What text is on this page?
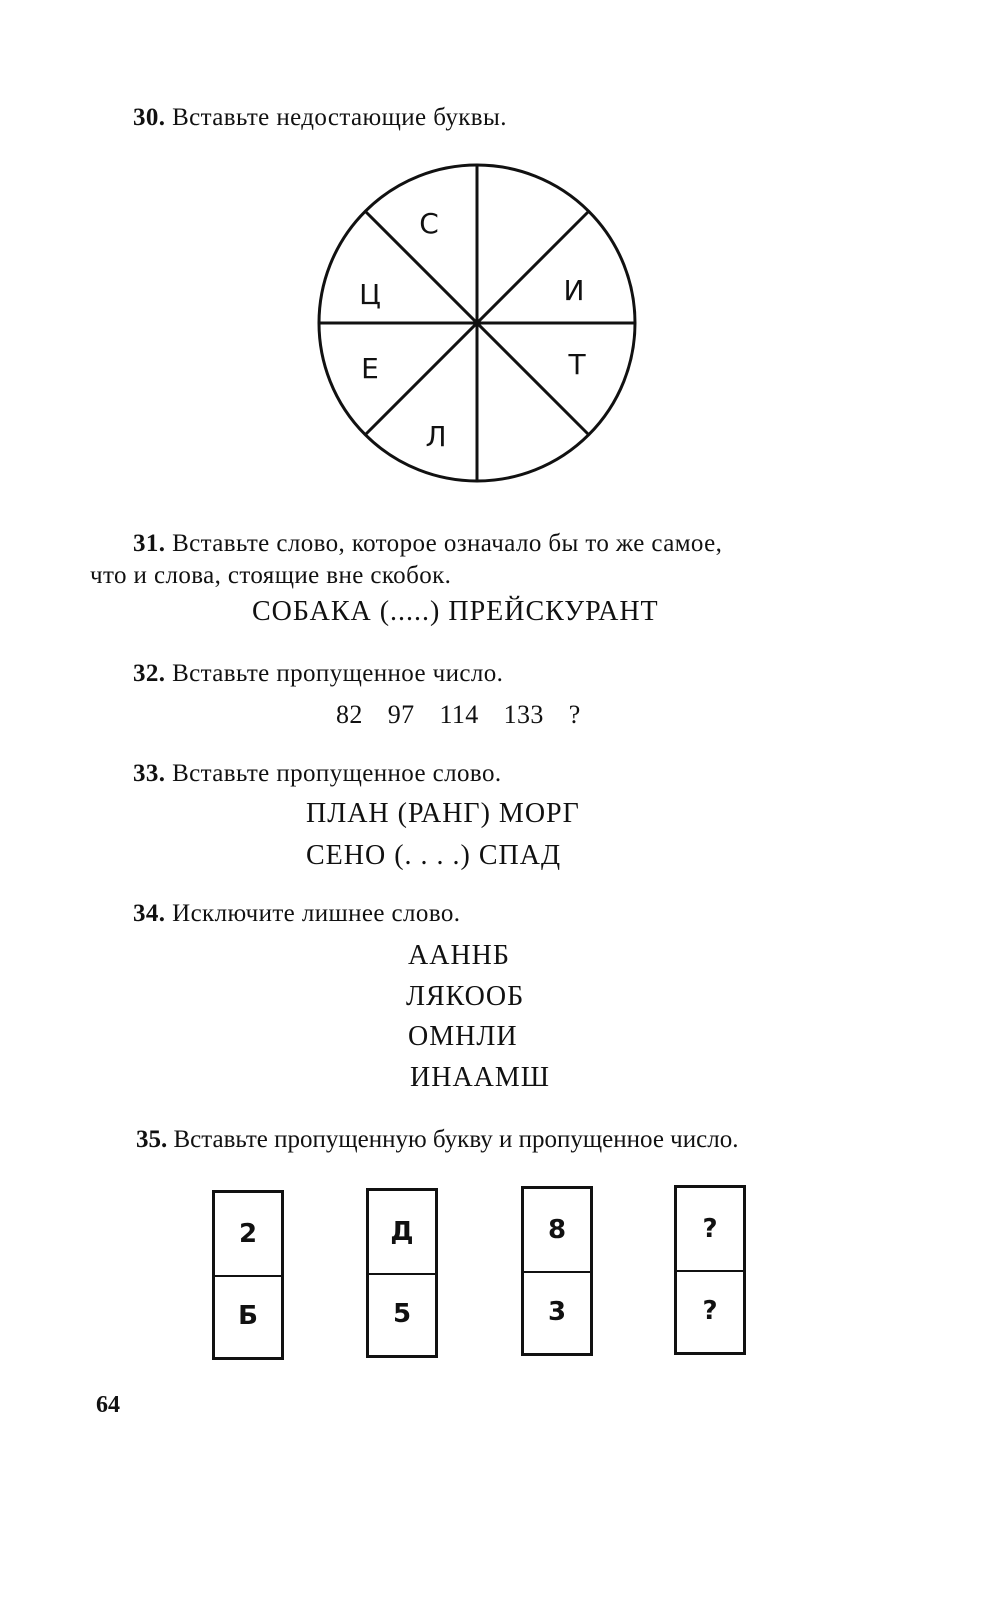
30. Вставьте недостающие буквы.
С
И
Т
Л
Е
Ц
31. Вставьте слово, которое означало бы то же самое,
что и слова, стоящие вне скобок.
СОБАКА (.....) ПРЕЙСКУРАНТ
32. Вставьте пропущенное число.
82 97 114 133 ?
33. Вставьте пропущенное слово.
ПЛАН (РАНГ) МОРГ
СЕНО (. . . .) СПАД
34. Исключите лишнее слово.
ААННБ
ЛЯКООБ
ОМНЛИ
ИНААМШ
35. Вставьте пропущенную букву и пропущенное число.
2
Б
Д
5
8
3
?
?
64
